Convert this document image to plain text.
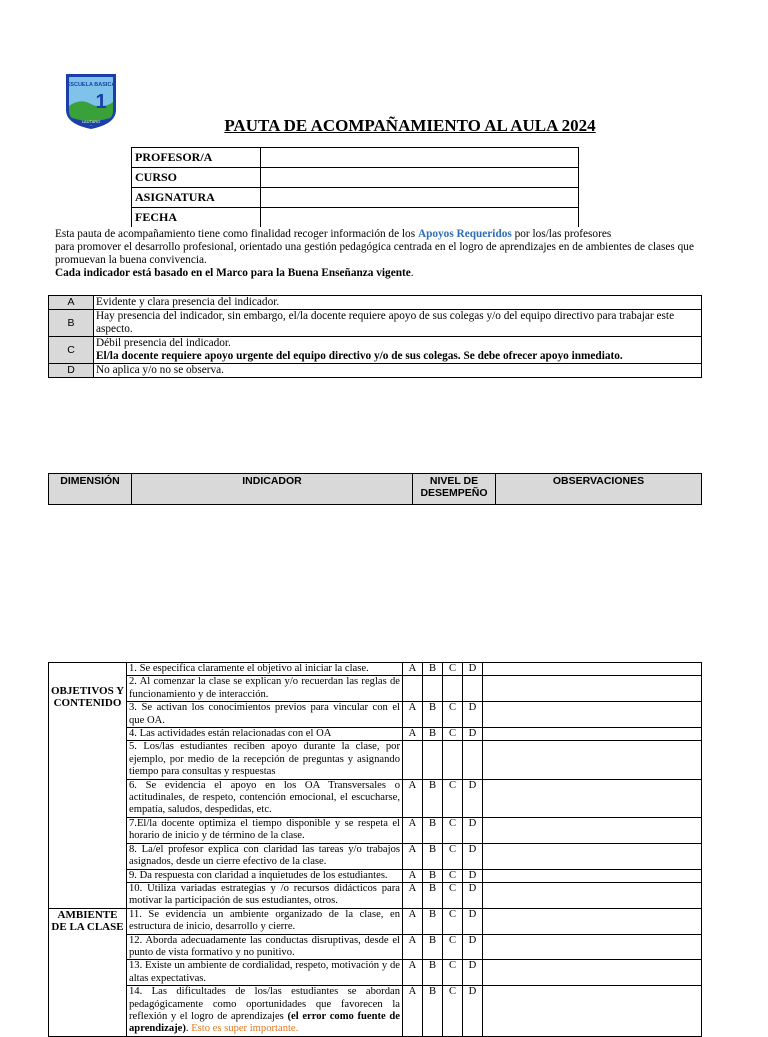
ESCUELA BASICA
1
LAUTARO	PAUTA DE ACOMPAÑAMIENTO AL AULA 2024
PROFESOR/A	
CURSO	
ASIGNATURA	
FECHA	
Esta pauta de acompañamiento tiene como finalidad recoger información de los Apoyos Requeridos por los/las profesores
para promover el desarrollo profesional, orientado una gestión pedagógica centrada en el logro de aprendizajes en de ambientes de clases que promuevan la buena convivencia.
Cada indicador está basado en el Marco para la Buena Enseñanza vigente.
A	Evidente y clara presencia del indicador.
B	Hay presencia del indicador, sin embargo, el/la docente requiere apoyo de sus colegas y/o del equipo directivo para trabajar este aspecto.
C	Débil presencia del indicador.
El/la docente requiere apoyo urgente del equipo directivo y/o de sus colegas. Se debe ofrecer apoyo inmediato.

D	No aplica y/o no se observa.
DIMENSIÓN	INDICADOR	NIVEL DE DESEMPEÑO	OBSERVACIONES
OBJETIVOS Y CONTENIDO	1. Se especifica claramente el objetivo al iniciar la clase.	A	B	C	D	
	2. Al comenzar la clase se explican y/o recuerdan las reglas de funcionamiento y de interacción.					
	3. Se activan los conocimientos previos para vincular con el que OA.	A	B	C	D	
	4. Las actividades están relacionadas con el OA	A	B	C	D	
	5. Los/las estudiantes reciben apoyo durante la clase, por ejemplo, por medio de la recepción de preguntas y asignando tiempo para consultas y respuestas					
	6. Se evidencia el apoyo en los OA Transversales o actitudinales, de respeto, contención emocional, el escucharse, empatía, saludos, despedidas, etc.	A	B	C	D	
	7.El/la docente optimiza el tiempo disponible y se respeta el horario de inicio y de término de la clase.	A	B	C	D	
	8. La/el profesor explica con claridad las tareas y/o trabajos asignados, desde un cierre efectivo de la clase.	A	B	C	D	
	9. Da respuesta con claridad a inquietudes de los estudiantes.	A	B	C	D	
	10. Utiliza variadas estrategias y /o recursos didácticos para motivar la participación de sus estudiantes, otros.	A	B	C	D	
AMBIENTE DE LA CLASE	11. Se evidencia un ambiente organizado de la clase, en estructura de inicio, desarrollo y cierre.	A	B	C	D	
	12. Aborda adecuadamente las conductas disruptivas, desde el punto de vista formativo y no punitivo.	A	B	C	D	
	13. Existe un ambiente de cordialidad, respeto, motivación y de altas expectativas.	A	B	C	D	
	14. Las dificultades de los/las estudiantes se abordan pedagógicamente como oportunidades que favorecen la reflexión y el logro de aprendizajes (el error como fuente de aprendizaje). Esto es super importante.	A	B	C	D	
